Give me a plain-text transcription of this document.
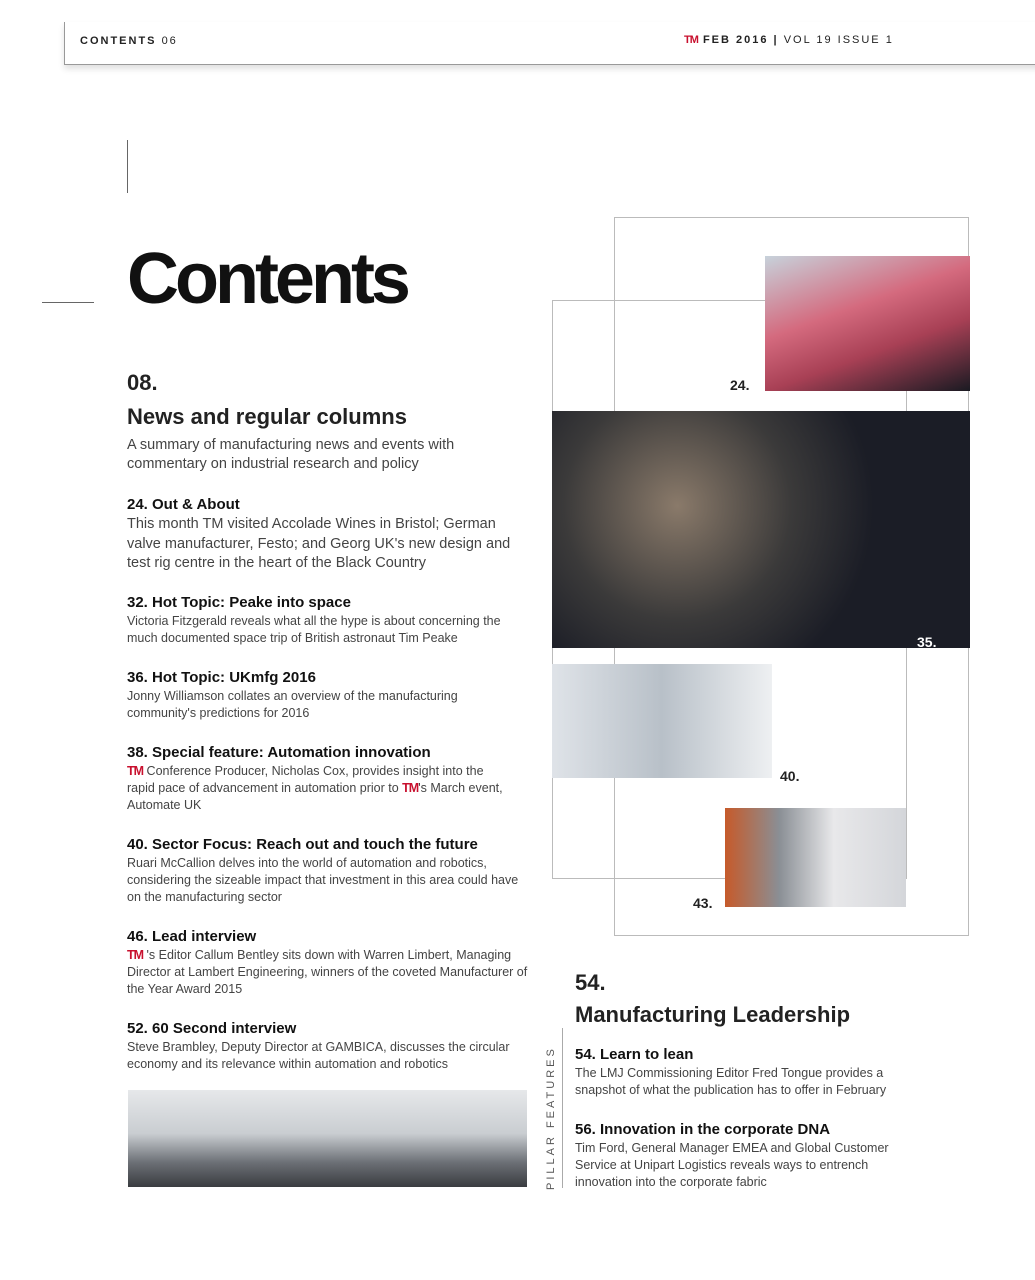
CONTENTS 06	TM FEB 2016 | VOL 19 ISSUE 1
Contents
08.
News and regular columns

A summary of manufacturing news and events with commentary on industrial research and policy

24. Out & About

This month TM visited Accolade Wines in Bristol; German valve manufacturer, Festo; and Georg UK's new design and test rig centre in the heart of the Black Country

32. Hot Topic: Peake into space

Victoria Fitzgerald reveals what all the hype is about concerning the much documented space trip of British astronaut Tim Peake

36. Hot Topic: UKmfg 2016

Jonny Williamson collates an overview of the manufacturing community's predictions for 2016

38. Special feature: Automation innovation

TM Conference Producer, Nicholas Cox, provides insight into the rapid pace of advancement in automation prior to TM's March event, Automate UK

40. Sector Focus: Reach out and touch the future

Ruari McCallion delves into the world of automation and robotics, considering the sizeable impact that investment in this area could have on the manufacturing sector

46. Lead interview

TM 's Editor Callum Bentley sits down with Warren Limbert, Managing Director at Lambert Engineering, winners of the coveted Manufacturer of the Year Award 2015

52. 60 Second interview

Steve Brambley, Deputy Director at GAMBICA, discusses the circular economy and its relevance within automation and robotics

24.
35.
40.
43.
54.
Manufacturing Leadership
PILLAR FEATURES 54. Learn to lean

The LMJ Commissioning Editor Fred Tongue provides a snapshot of what the publication has to offer in February

56. Innovation in the corporate DNA

Tim Ford, General Manager EMEA and Global Customer Service at Unipart Logistics reveals ways to entrench innovation into the corporate fabric
